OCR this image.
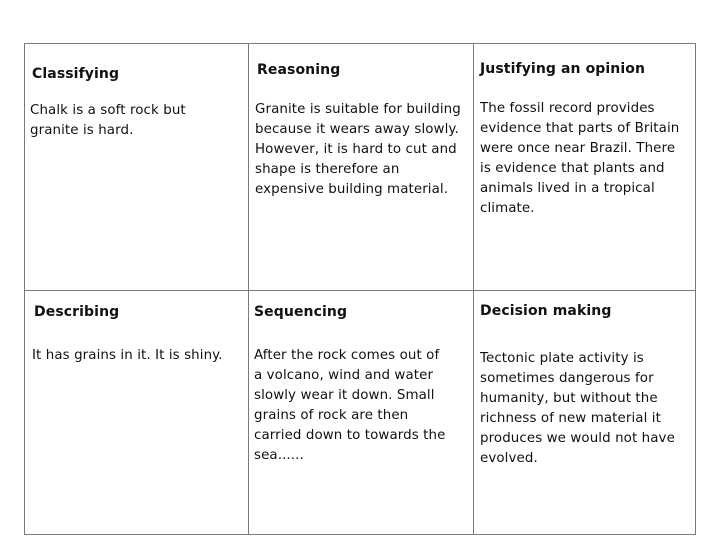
Classifying
Chalk is a soft rock but
granite is hard.
Reasoning
Granite is suitable for building
because it wears away slowly.
However, it is hard to cut and
shape is therefore an
expensive building material.
Justifying an opinion
The fossil record provides
evidence that parts of Britain
were once near Brazil. There
is evidence that plants and
animals lived in a tropical
climate.
Describing
It has grains in it. It is shiny.
Sequencing
After the rock comes out of
a volcano, wind and water
slowly wear it down. Small
grains of rock are then
carried down to towards the
sea......
Decision making
Tectonic plate activity is
sometimes dangerous for
humanity, but without the
richness of new material it
produces we would not have
evolved.
